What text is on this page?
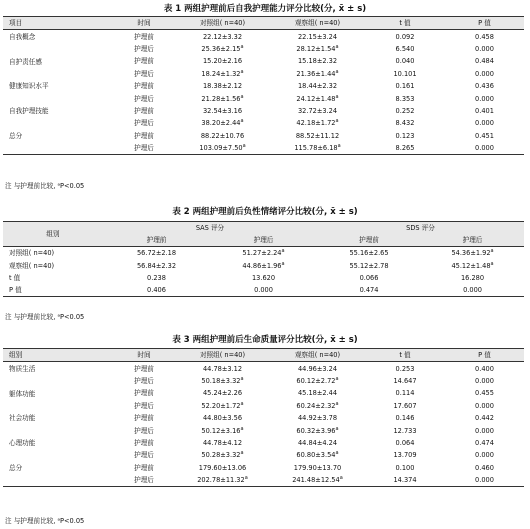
表 1 两组护理前后自我护理能力评分比较(分, x̄ ± s)
项目	时间	对照组( n=40)	观察组( n=40)	t 值	P 值
自我概念	护理前	22.12±3.32	22.15±3.24	0.092	0.458
	护理后	25.36±2.15$^a$	28.12±1.54$^a$	6.540	0.000
自护责任感	护理前	15.20±2.16	15.18±2.32	0.040	0.484
	护理后	18.24±1.32$^a$	21.36±1.44$^a$	10.101	0.000
健康知识水平	护理前	18.38±2.12	18.44±2.32	0.161	0.436
	护理后	21.28±1.56$^a$	24.12±1.48$^a$	8.353	0.000
自我护理技能	护理前	32.54±3.16	32.72±3.24	0.252	0.401
	护理后	38.20±2.44$^a$	42.18±1.72$^a$	8.432	0.000
总分	护理前	88.22±10.76	88.52±11.12	0.123	0.451
	护理后	103.09±7.50$^a$	115.78±6.18$^a$	8.265	0.000
注 与护理前比较, ᵃP<0.05
表 2 两组护理前后负性情绪评分比较(分, x̄ ± s)
组别	SAS 评分		SDS 评分	
	护理前	护理后	护理前	护理后
对照组( n=40)	56.72±2.18	51.27±2.24$^a$	55.16±2.65	54.36±1.92$^a$
观察组( n=40)	56.84±2.32	44.86±1.96$^a$	55.12±2.78	45.12±1.48$^a$
t 值	0.238	13.620	0.066	16.280
P 值	0.406	0.000	0.474	0.000
注 与护理前比较, ᵃP<0.05
表 3 两组护理前后生命质量评分比较(分, x̄ ± s)
组别	时间	对照组( n=40)	观察组( n=40)	t 值	P 值
物质生活	护理前	44.78±3.12	44.96±3.24	0.253	0.400
	护理后	50.18±3.32$^a$	60.12±2.72$^a$	14.647	0.000
躯体功能	护理前	45.24±2.26	45.18±2.44	0.114	0.455
	护理后	52.20±1.72$^a$	60.24±2.32$^a$	17.607	0.000
社会功能	护理前	44.80±3.56	44.92±3.78	0.146	0.442
	护理后	50.12±3.16$^a$	60.32±3.96$^a$	12.733	0.000
心理功能	护理前	44.78±4.12	44.84±4.24	0.064	0.474
	护理后	50.28±3.32$^a$	60.80±3.54$^a$	13.709	0.000
总分	护理前	179.60±13.06	179.90±13.70	0.100	0.460
	护理后	202.78±11.32$^a$	241.48±12.54$^a$	14.374	0.000
注 与护理前比较, ᵃP<0.05
